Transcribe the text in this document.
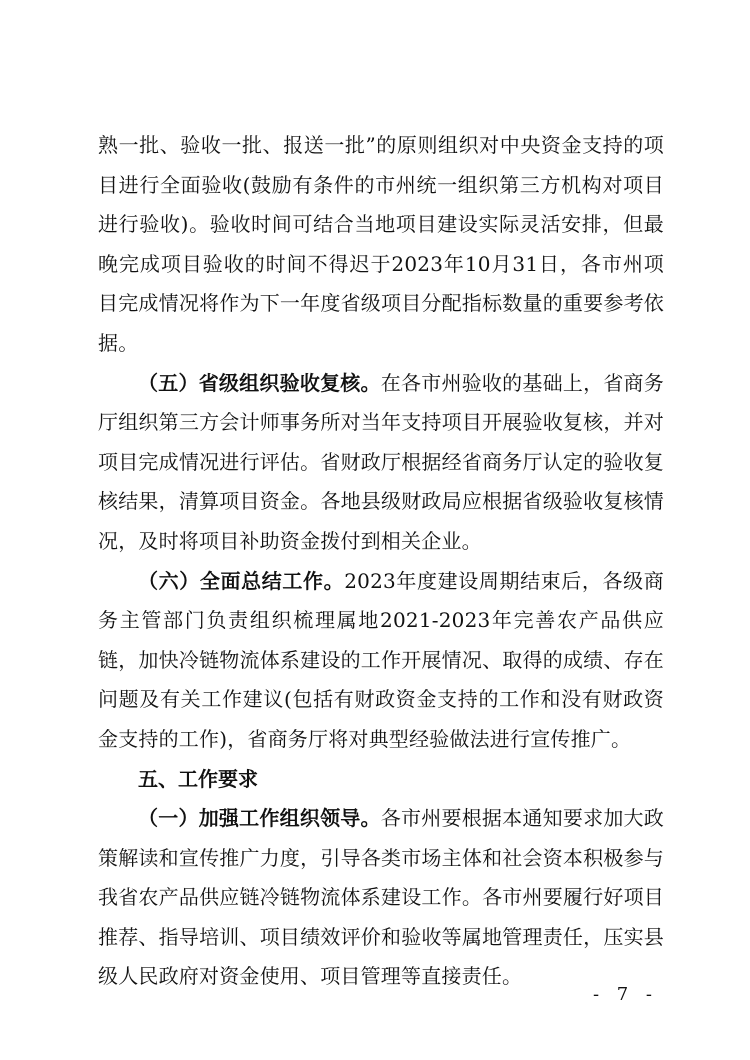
熟一批、验收一批、报送一批”的原则组织对中央资金支持的项目进行全面验收(鼓励有条件的市州统一组织第三方机构对项目进行验收)。验收时间可结合当地项目建设实际灵活安排，但最晚完成项目验收的时间不得迟于2023年10月31日，各市州项目完成情况将作为下一年度省级项目分配指标数量的重要参考依据。

（五）省级组织验收复核。在各市州验收的基础上，省商务厅组织第三方会计师事务所对当年支持项目开展验收复核，并对项目完成情况进行评估。省财政厅根据经省商务厅认定的验收复核结果，清算项目资金。各地县级财政局应根据省级验收复核情况，及时将项目补助资金拨付到相关企业。

（六）全面总结工作。2023年度建设周期结束后，各级商务主管部门负责组织梳理属地2021-2023年完善农产品供应链，加快冷链物流体系建设的工作开展情况、取得的成绩、存在问题及有关工作建议(包括有财政资金支持的工作和没有财政资金支持的工作)，省商务厅将对典型经验做法进行宣传推广。

五、工作要求

（一）加强工作组织领导。各市州要根据本通知要求加大政策解读和宣传推广力度，引导各类市场主体和社会资本积极参与我省农产品供应链冷链物流体系建设工作。各市州要履行好项目推荐、指导培训、项目绩效评价和验收等属地管理责任，压实县级人民政府对资金使用、项目管理等直接责任。

- 7 -
